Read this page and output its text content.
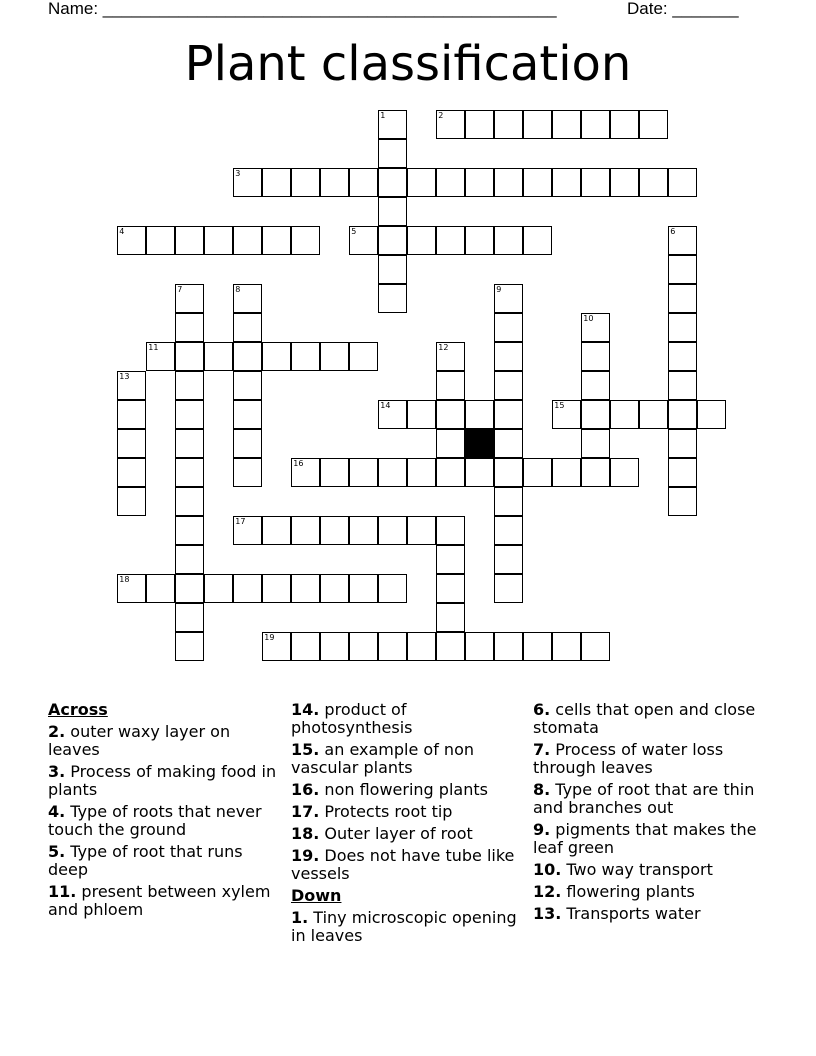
Name: ________________________________________________	Date: _______
Plant classification
1	2
3
4	5	6
7	8	9
10
11	12
13
14	15
16
17
18
19
Across
2. outer waxy layer on leaves
3. Process of making food in plants
4. Type of roots that never touch the ground
5. Type of root that runs deep
11. present between xylem and phloem
14. product of photosynthesis
15. an example of non vascular plants
16. non flowering plants
17. Protects root tip
18. Outer layer of root
19. Does not have tube like vessels
Down
1. Tiny microscopic opening in leaves
6. cells that open and close stomata
7. Process of water loss through leaves
8. Type of root that are thin and branches out
9. pigments that makes the leaf green
10. Two way transport
12. flowering plants
13. Transports water
